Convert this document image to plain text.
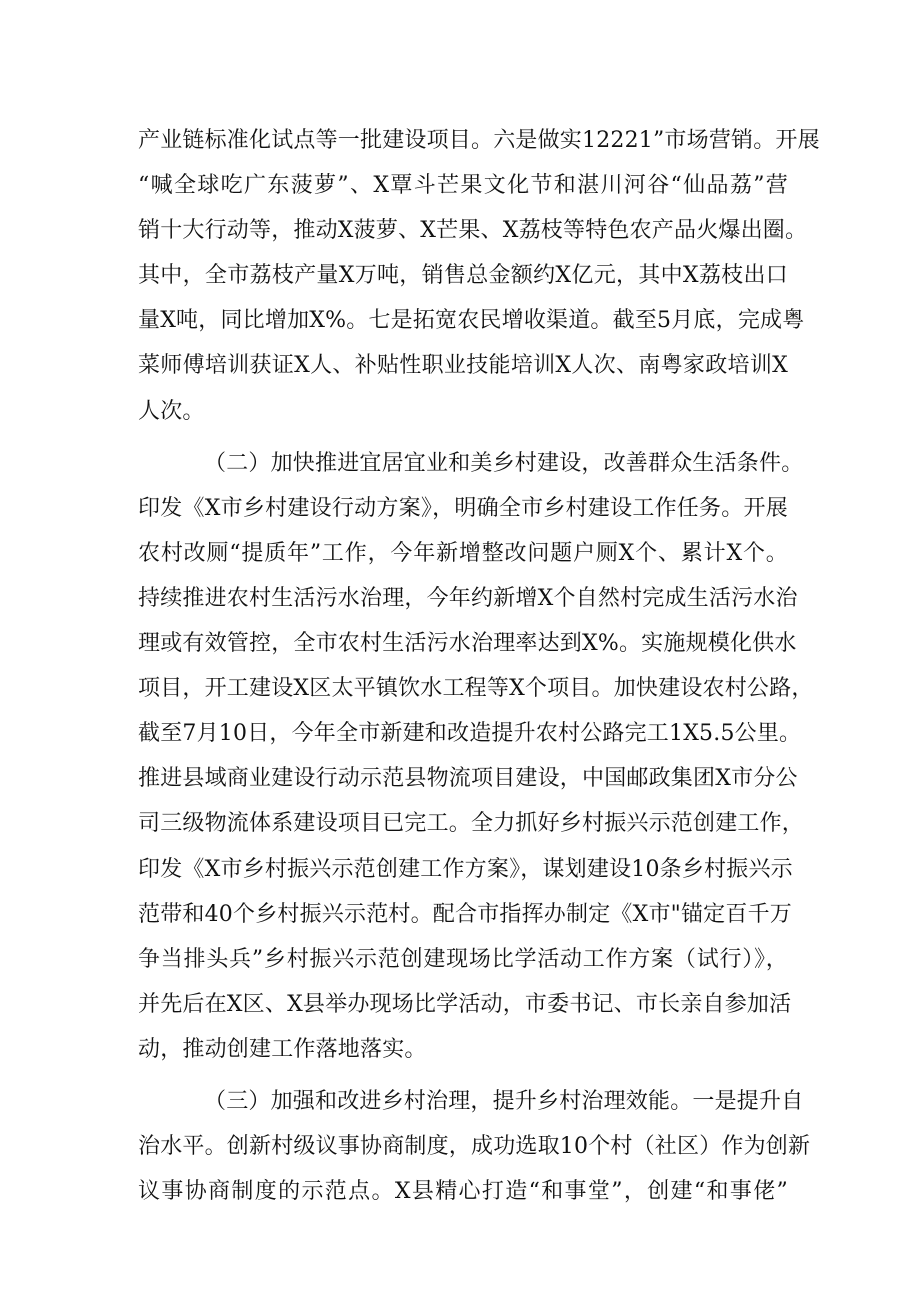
产业链标准化试点等一批建设项目。六是做实12221”市场营销。开展
“喊全球吃广东菠萝”、X覃斗芒果文化节和湛川河谷“仙品荔”营
销十大行动等，推动X菠萝、X芒果、X荔枝等特色农产品火爆出圈。
其中，全市荔枝产量X万吨，销售总金额约X亿元，其中X荔枝出口
量X吨，同比增加X%。七是拓宽农民增收渠道。截至5月底，完成粤
菜师傅培训获证X人、补贴性职业技能培训X人次、南粤家政培训X
人次。
（二）加快推进宜居宜业和美乡村建设，改善群众生活条件。
印发《X市乡村建设行动方案》，明确全市乡村建设工作任务。开展
农村改厕“提质年”工作，今年新增整改问题户厕X个、累计X个。
持续推进农村生活污水治理，今年约新增X个自然村完成生活污水治
理或有效管控，全市农村生活污水治理率达到X%。实施规模化供水
项目，开工建设X区太平镇饮水工程等X个项目。加快建设农村公路，
截至7月10日，今年全市新建和改造提升农村公路完工1X5.5公里。
推进县域商业建设行动示范县物流项目建设，中国邮政集团X市分公
司三级物流体系建设项目已完工。全力抓好乡村振兴示范创建工作，
印发《X市乡村振兴示范创建工作方案》，谋划建设10条乡村振兴示
范带和40个乡村振兴示范村。配合市指挥办制定《X市"锚定百千万
争当排头兵”乡村振兴示范创建现场比学活动工作方案（试行）》，
并先后在X区、X县举办现场比学活动，市委书记、市长亲自参加活
动，推动创建工作落地落实。
（三）加强和改进乡村治理，提升乡村治理效能。一是提升自
治水平。创新村级议事协商制度，成功选取10个村（社区）作为创新
议事协商制度的示范点。X县精心打造“和事堂”，创建“和事佬”
